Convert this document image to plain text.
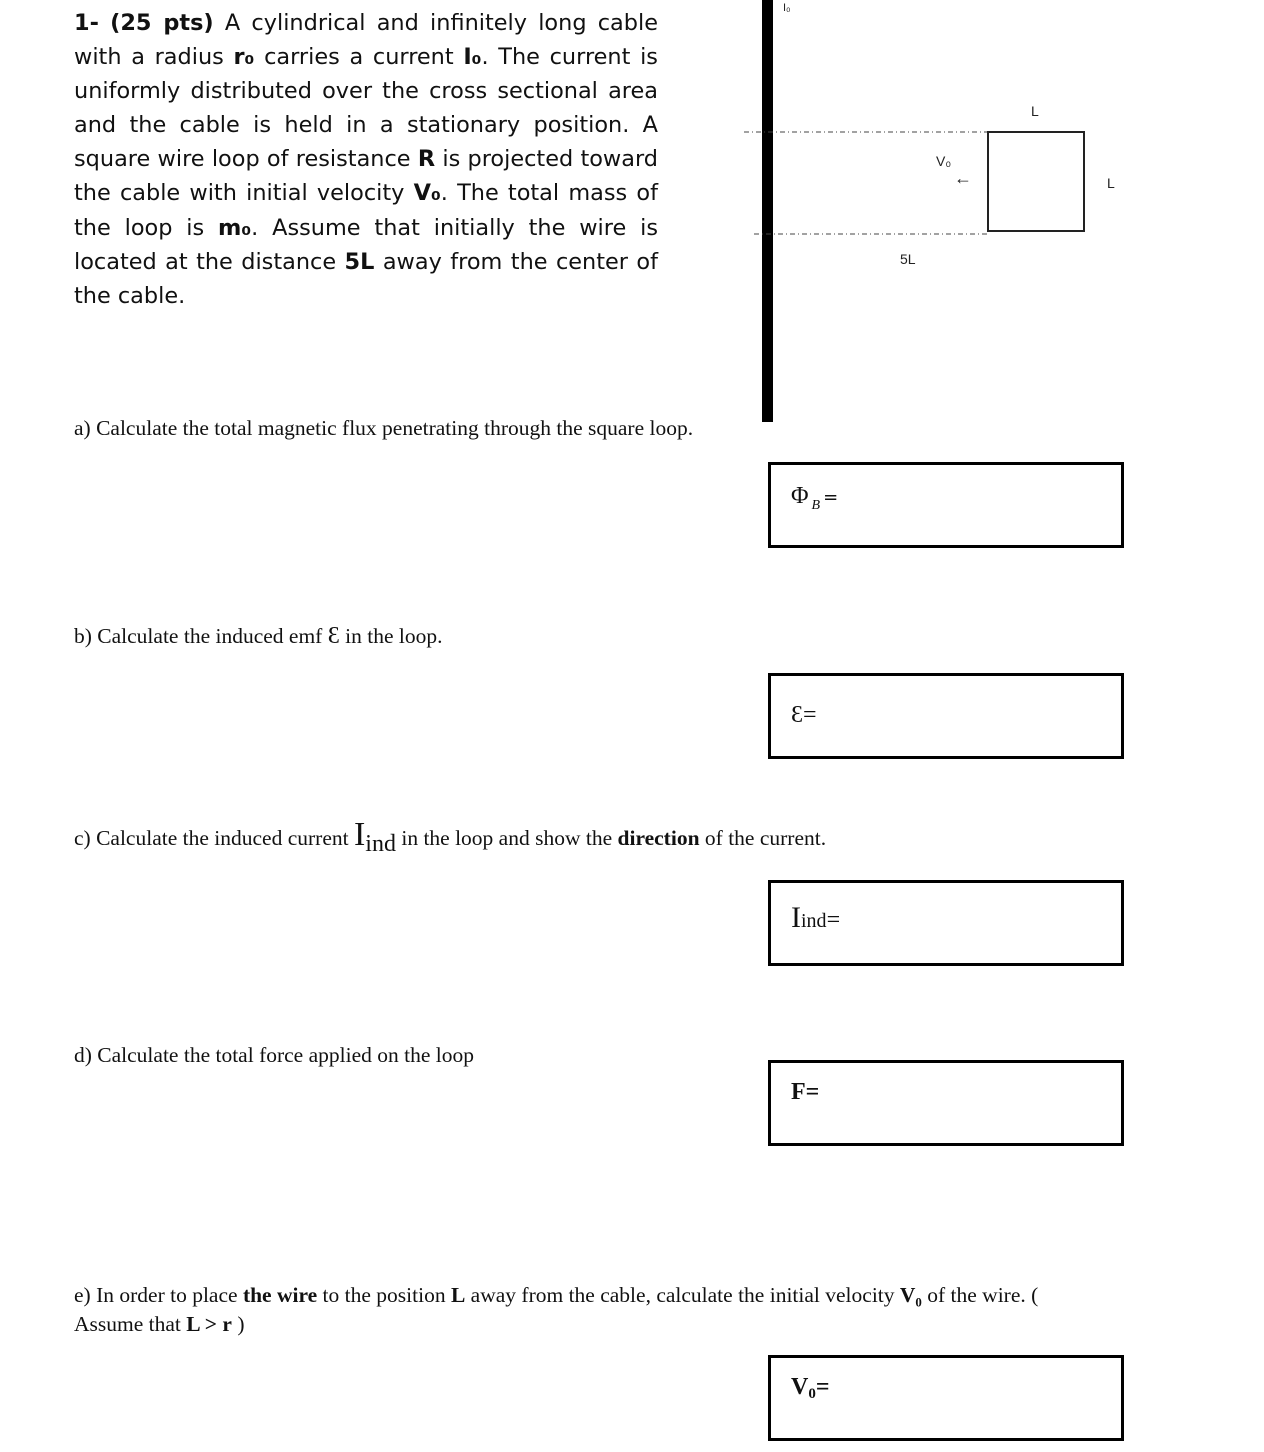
1- (25 pts) A cylindrical and infinitely long cable with a radius r₀ carries a current I₀. The current is uniformly distributed over the cross sectional area and the cable is held in a stationary position. A square wire loop of resistance R is projected toward the cable with initial velocity V₀. The total mass of the loop is m₀. Assume that initially the wire is located at the distance 5L away from the center of the cable.
I₀
V₀
←
L
L
5L
a) Calculate the total magnetic flux penetrating through the square loop.
Φ $_B$ =
b) Calculate the induced emf Ɛ in the loop.
Ɛ=
c) Calculate the induced current Iind in the loop and show the direction of the current.
Iind=
d) Calculate the total force applied on the loop
F=
e) In order to place the wire to the position L away from the cable, calculate the initial velocity V₀ of the wire. (
Assume that L > r )
V0=
